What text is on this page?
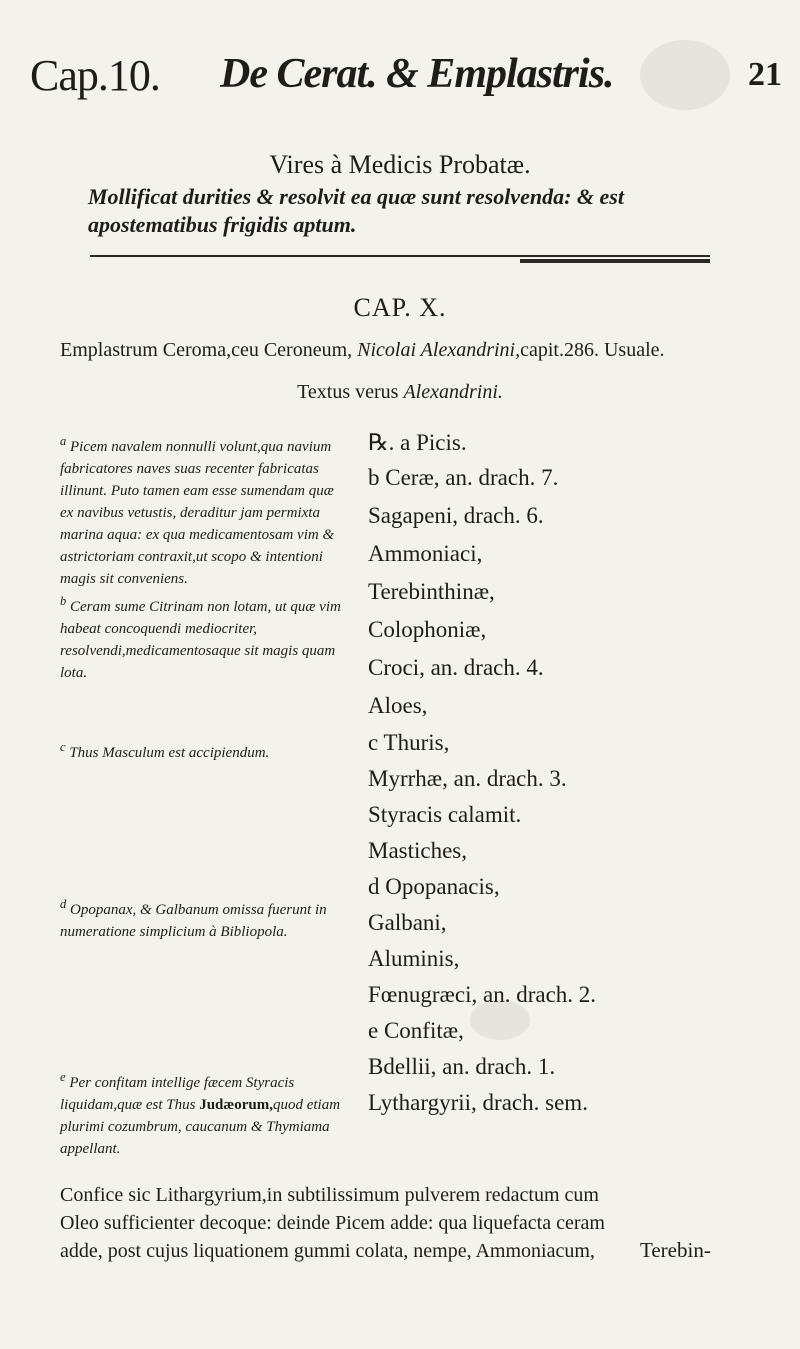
Cap.10. De Cerat. & Emplastris.	21
Vires à Medicis Probatæ.
Mollificat durities & resolvit ea quæ sunt resolvenda: & est apostematibus frigidis aptum.
CAP. X.
Emplastrum Ceroma,ceu Ceroneum, Nicolai Alexandrini,capit.286. Usuale.
Textus verus Alexandrini.
$^a$ Picem navalem nonnulli volunt,qua navium fabricatores naves suas recenter fabricatas illinunt. Puto tamen eam esse sumendam quæ ex navibus vetustis, deraditur jam permixta marina aqua: ex qua medicamentosam vim & astrictoriam contraxit,ut scopo & intentioni magis sit conveniens.
$^b$ Ceram sume Citrinam non lotam, ut quæ vim habeat concoquendi mediocriter, resolvendi,medicamentosaque sit magis quam lota.
$^c$ Thus Masculum est accipiendum.
$^d$ Opopanax, & Galbanum omissa fuerunt in numeratione simplicium à Bibliopola.
$^e$ Per confitam intellige fæcem Styracis liquidam,quæ est Thus Judæorum,quod etiam plurimi cozumbrum, caucanum & Thymiama appellant.
℞. a Picis.
b Ceræ, an. drach. 7.
Sagapeni, drach. 6.
Ammoniaci,
Terebinthinæ,
Colophoniæ,
Croci, an. drach. 4.
Aloes,
c Thuris,
Myrrhæ, an. drach. 3.
Styracis calamit.
Mastiches,
d Opopanacis,
Galbani,
Aluminis,
Fœnugræci, an. drach. 2.
e Confitæ,
Bdellii, an. drach. 1.
Lythargyrii, drach. sem.

Confice sic Lithargyrium,in subtilissimum pulverem redactum cum

Oleo sufficienter decoque: deinde Picem adde: qua liquefacta ceram

adde, post cujus liquationem gummi colata, nempe, Ammoniacum,	Terebin-
